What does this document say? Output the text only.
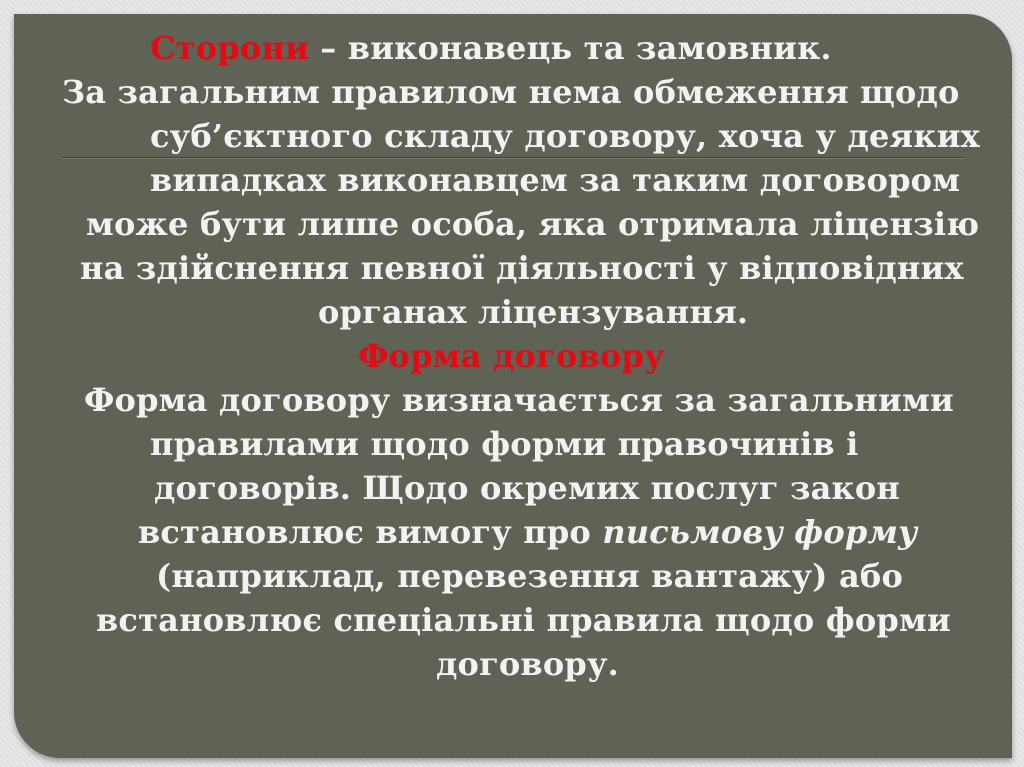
Сторони – виконавець та замовник.
За загальним правилом нема обмеження щодо
суб’єктного складу договору, хоча у деяких
випадках виконавцем за таким договором
може бути лише особа, яка отримала ліцензію
на здійснення певної діяльності у відповідних
органах ліцензування.
Форма договору
Форма договору визначається за загальними
правилами щодо форми правочинів і
договорів. Щодо окремих послуг закон
встановлює вимогу про письмову форму
(наприклад, перевезення вантажу) або
встановлює спеціальні правила щодо форми
договору.
